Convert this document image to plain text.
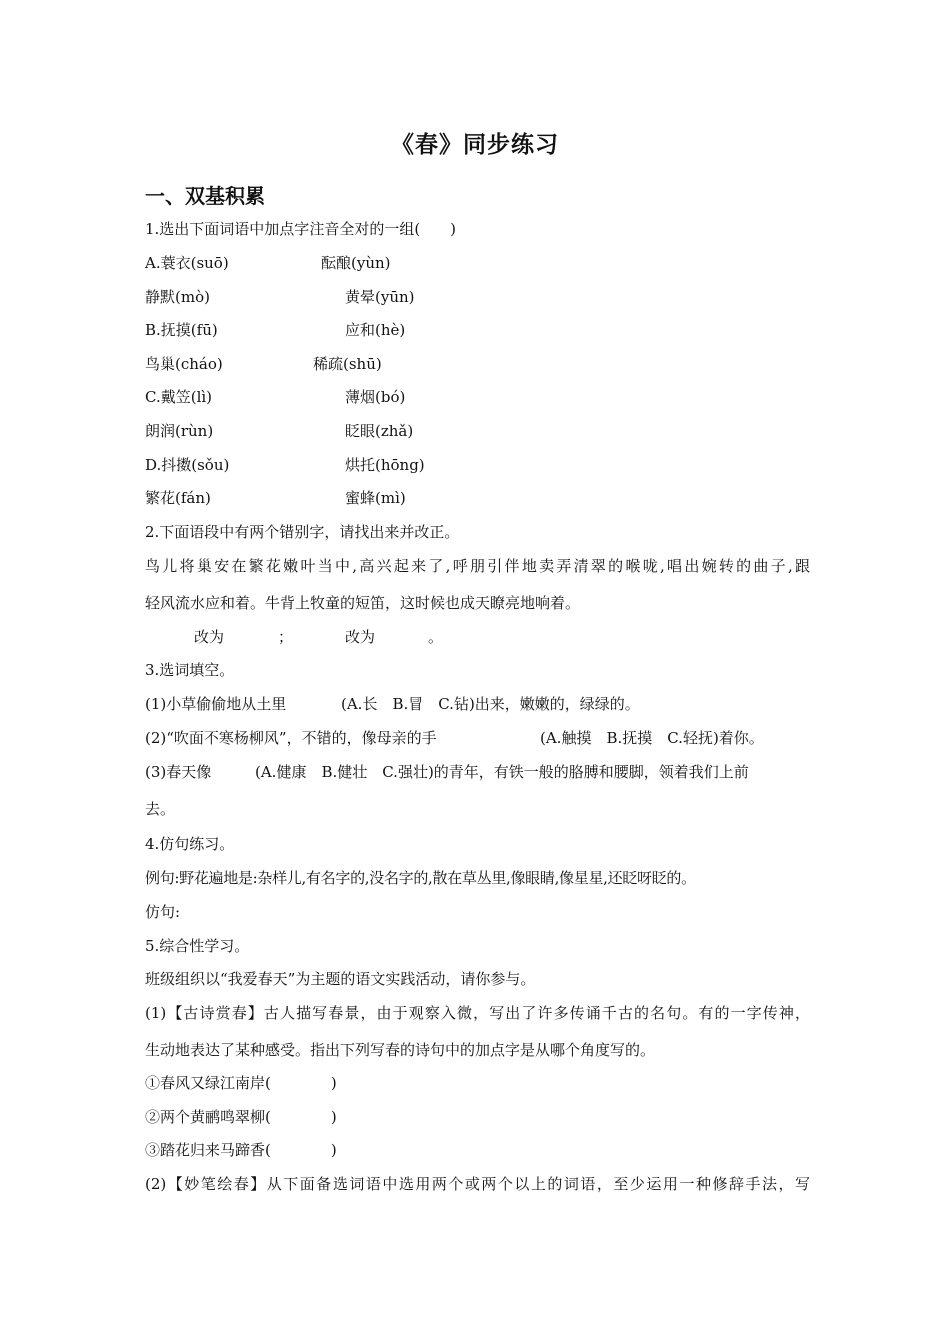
《春》同步练习
一、双基积累
1.选出下面词语中加点字注音全对的一组(　　)
A.蓑衣(suō)	酝酿(yùn)
静默(mò)	黄晕(yūn)
B.抚摸(fū)	应和(hè)
鸟巢(cháo)	稀疏(shū)
C.戴笠(lì)	薄烟(bó)
朗润(rùn)	眨眼(zhǎ)
D.抖擞(sǒu)	烘托(hōng)
繁花(fán)	蜜蜂(mì)
2.下面语段中有两个错别字，请找出来并改正。
鸟儿将巢安在繁花嫩叶当中,高兴起来了,呼朋引伴地卖弄清翠的喉咙,唱出婉转的曲子,跟
轻风流水应和着。牛背上牧童的短笛，这时候也成天瞭亮地响着。
改为	；	改为	。
3.选词填空。
(1)小草偷偷地从土里	(A.长　B.冒　C.钻)出来，嫩嫩的，绿绿的。
(2)“吹面不寒杨柳风”，不错的，像母亲的手	(A.触摸　B.抚摸　C.轻抚)着你。
(3)春天像	(A.健康　B.健壮　C.强壮)的青年，有铁一般的胳膊和腰脚，领着我们上前
去。
4.仿句练习。
例句:野花遍地是:杂样儿,有名字的,没名字的,散在草丛里,像眼睛,像星星,还眨呀眨的。
仿句:
5.综合性学习。
班级组织以“我爱春天”为主题的语文实践活动，请你参与。
(1)【古诗赏春】古人描写春景，由于观察入微，写出了许多传诵千古的名句。有的一字传神，
生动地表达了某种感受。指出下列写春的诗句中的加点字是从哪个角度写的。
①春风又绿江南岸(　　　　)
②两个黄鹂鸣翠柳(　　　　)
③踏花归来马蹄香(　　　　)
(2)【妙笔绘春】从下面备选词语中选用两个或两个以上的词语，至少运用一种修辞手法，写
